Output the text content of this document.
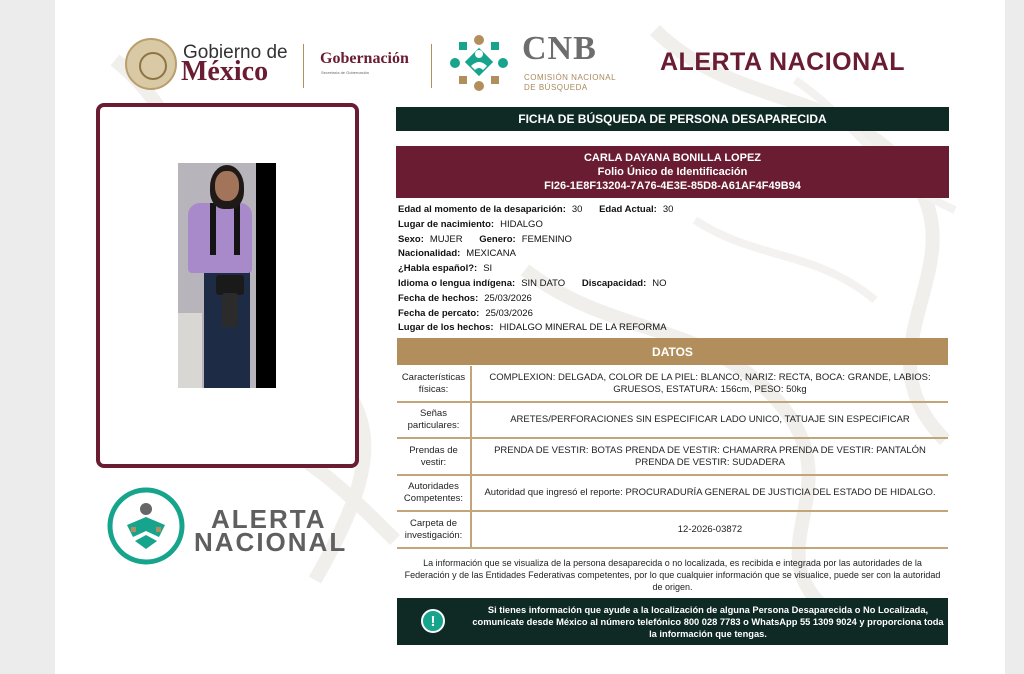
Gobierno de
México	Gobernación
Secretaría de Gobernación
CNB
COMISIÓN NACIONAL
DE BÚSQUEDA
ALERTA NACIONAL
ALERTA
NACIONAL
FICHA DE BÚSQUEDA DE PERSONA DESAPARECIDA
CARLA DAYANA BONILLA LOPEZ
Folio Único de Identificación
FI26-1E8F13204-7A76-4E3E-85D8-A61AF4F49B94
Edad al momento de la desaparición: 30 Edad Actual: 30
Lugar de nacimiento: HIDALGO
Sexo: MUJER Genero: FEMENINO
Nacionalidad: MEXICANA
¿Habla español?: SI
Idioma o lengua indígena: SIN DATO Discapacidad: NO
Fecha de hechos: 25/03/2026
Fecha de percato: 25/03/2026
Lugar de los hechos: HIDALGO MINERAL DE LA REFORMA
DATOS
Características físicas:
COMPLEXION: DELGADA, COLOR DE LA PIEL: BLANCO, NARIZ: RECTA, BOCA: GRANDE, LABIOS: GRUESOS, ESTATURA: 156cm, PESO: 50kg
Señas particulares:
ARETES/PERFORACIONES SIN ESPECIFICAR LADO UNICO, TATUAJE SIN ESPECIFICAR
Prendas de vestir:
PRENDA DE VESTIR: BOTAS PRENDA DE VESTIR: CHAMARRA PRENDA DE VESTIR: PANTALÓN PRENDA DE VESTIR: SUDADERA
Autoridades Competentes:
Autoridad que ingresó el reporte: PROCURADURÍA GENERAL DE JUSTICIA DEL ESTADO DE HIDALGO.
Carpeta de investigación:
12-2026-03872
La información que se visualiza de la persona desaparecida o no localizada, es recibida e integrada por las autoridades de la Federación y de las Entidades Federativas competentes, por lo que cualquier información que se visualice, puede ser con la autoridad de origen.
!
Si tienes información que ayude a la localización de alguna Persona Desaparecida o No Localizada, comunícate desde México al número telefónico 800 028 7783 o WhatsApp 55 1309 9024 y proporciona toda la información que tengas.
